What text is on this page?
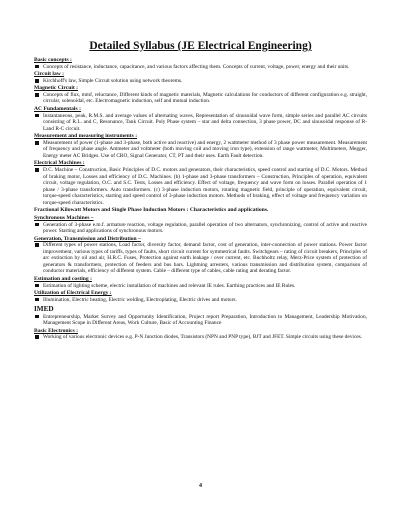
Detailed Syllabus (JE Electrical Engineering)
Basic concepts :
Concepts of resistance, inductance, capacitance, and various factors affecting them. Concepts of current, voltage, power, energy and their units.
Circuit law :
Kirchhoff's law, Simple Circuit solution using network theorems.
Magnetic Circuit :
Concepts of flux, mmf, reluctance, Different kinds of magnetic materials, Magnetic calculations for conductors of different configuration e.g. straight, circular, solenoidal, etc. Electromagnetic induction, self and mutual induction.
AC Fundamentals :
Instantaneous, peak, R.M.S. and average values of alternating waves, Representation of sinusoidal wave form, simple series and parallel AC circuits consisting of R.L. and C, Resonance, Tank Circuit. Poly Phase system – star and delta connection, 3 phase power, DC and sinusoidal response of R-Land R-C circuit.
Measurement and measuring instruments :
Measurement of power (1-phase and 3-phase, both active and reactive) and energy, 2 wattmeter method of 3 phase power measurement. Measurement of frequency and phase angle. Ammeter and voltmeter (both moving coil and moving iron type), extension of range wattmeter, Multimeters, Megger, Energy meter AC Bridges. Use of CRO, Signal Generator, CT, PT and their uses. Earth Fault detection.
Electrical Machines :
D.C. Machine – Construction, Basic Principles of D.C. motors and generators, their characteristics, speed control and starting of D.C. Motors. Method of braking motor, Losses and efficiency of D.C. Machines. (b) 1-phase and 3-phase transformers – Construction, Principles of operation, equivalent circuit, voltage regulation, O.C. and S.C. Tests, Losses and efficiency. Effect of voltage, frequency and wave form on losses. Parallel operation of 1 phase / 3-phase transformers. Auto transformers. (c) 3-phase induction motors, rotating magnetic field, principle of operation, equivalent circuit, torque-speed characteristics, starting and speed control of 3-phase induction motors. Methods of braking, effect of voltage and frequency variation on torque-speed characteristics.
Fractional Kilowatt Motors and Single Phase Induction Motors : Characteristics and applications.
Synchronous Machines –
Generation of 3-phase e.m.f. armature reaction, voltage regulation, parallel operation of two alternators, synchronizing, control of active and reactive power. Starting and applications of synchronous motors.
Generation, Transmission and Distribution –
Different types of power stations, Load factor, diversity factor, demand factor, cost of generation, inter-connection of power stations. Power factor improvement, various types of tariffs, types of faults, short circuit current for symmetrical faults. Switchgears – rating of circuit breakers, Principles of arc extinction by oil and air, H.R.C. Fuses, Protection against earth leakage / over current, etc. Buchholtz relay, Merz-Price system of protection of generators & transformers, protection of feeders and bus bars. Lightning arresters, various transmission and distribution system, comparison of conductor materials, efficiency of different system. Cable – different type of cables, cable rating and derating factor.
Estimation and costing :
Estimation of lighting scheme, electric installation of machines and relevant IE rules. Earthing practices and IE Rules.
Utilization of Electrical Energy :
Illumination, Electric heating, Electric welding, Electroplating, Electric drives and motors.
IMED
Entrepreneurship, Market Survey and Opportunity Identification, Project report Preparation, Introduction to Management, Leadership Motivation, Management Scope in Different Areas, Work Culture, Basic of Accounting Finance
Basic Electronics :
Working of various electronic devices e.g. P-N Junction diodes, Transistors (NPN and PNP type), BJT and JFET. Simple circuits using these devices.
4
